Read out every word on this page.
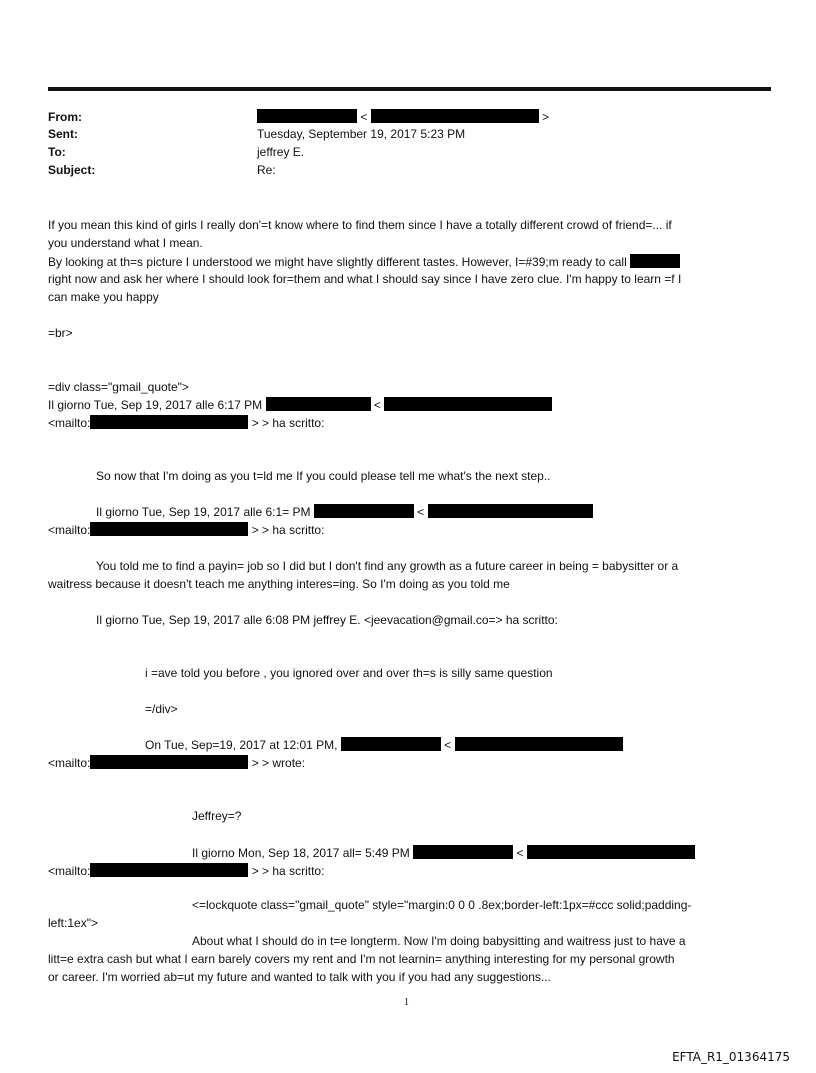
From:	<	>
Sent:	Tuesday, September 19, 2017 5:23 PM
To:	jeffrey E.
Subject:	Re:
If you mean this kind of girls I really don'=t know where to find them since I have a totally different crowd of friend=... if
you understand what I mean.
By looking at th=s picture I understood we might have slightly different tastes. However, I=#39;m ready to call
right now and ask her where I should look for=them and what I should say since I have zero clue. I'm happy to learn =f I
can make you happy
=br>
=div class="gmail_quote">
Il giorno Tue, Sep 19, 2017 alle 6:17 PM	<
<mailto:	> > ha scritto:
So now that I'm doing as you t=ld me If you could please tell me what's the next step..
Il giorno Tue, Sep 19, 2017 alle 6:1= PM	<
<mailto:	> > ha scritto:
You told me to find a payin= job so I did but I don't find any growth as a future career in being = babysitter or a
waitress because it doesn't teach me anything interes=ing. So I'm doing as you told me
Il giorno Tue, Sep 19, 2017 alle 6:08 PM jeffrey E. <jeevacation@gmail.co=> ha scritto:
i =ave told you before , you ignored over and over th=s is silly same question
=/div>
On Tue, Sep=19, 2017 at 12:01 PM,	<
<mailto:	> > wrote:
Jeffrey=?
Il giorno Mon, Sep 18, 2017 all= 5:49 PM	<
<mailto:	> > ha scritto:
<=lockquote class="gmail_quote" style="margin:0 0 0 .8ex;border-left:1px=#ccc solid;padding-
left:1ex">
About what I should do in t=e longterm. Now I'm doing babysitting and waitress just to have a
litt=e extra cash but what I earn barely covers my rent and I'm not learnin= anything interesting for my personal growth
or career. I'm worried ab=ut my future and wanted to talk with you if you had any suggestions...
1
EFTA_R1_01364175
